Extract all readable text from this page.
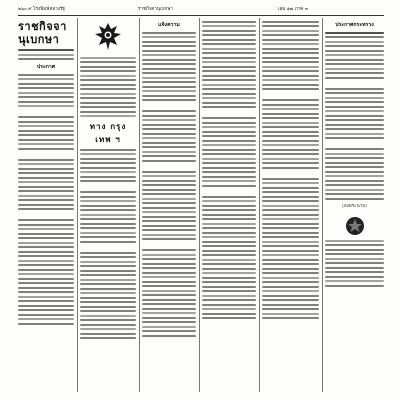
๒๖๐ ๙ โรงพิมพ์หลวงรัฐ	ราชกิจจานุเบกษา	เล่ม ๑๗ ภาค ๓
ราชกิจจานุเบกษา
ประกาศ
ทาง กรุง เทพ ฯ
แจ้งความ	ประกาศกระทรวง
(ลงพระนาม)
